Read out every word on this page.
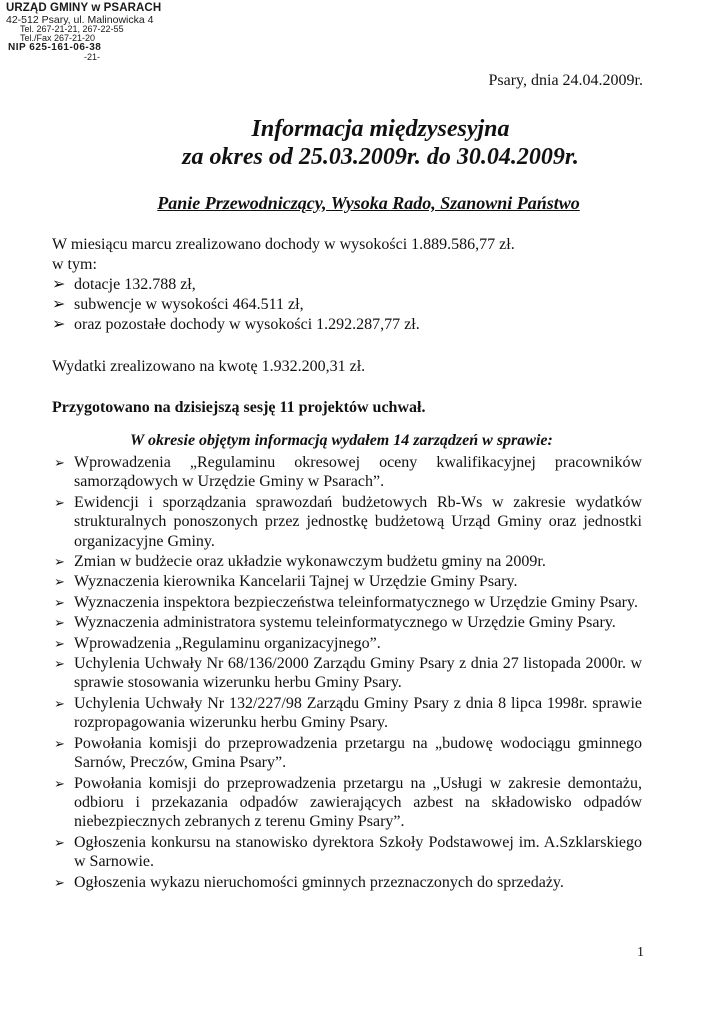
URZĄD GMINY w PSARACH
42-512 Psary, ul. Malinowicka 4
Tel. 267-21-21, 267-22-55
Tel./Fax 267-21-20
NIP 625-161-06-38
-21-
Psary, dnia 24.04.2009r.
Informacja międzysesyjna
za okres od 25.03.2009r. do 30.04.2009r.
Panie Przewodniczący, Wysoka Rado, Szanowni Państwo
W miesiącu marcu zrealizowano dochody w wysokości 1.889.586,77 zł.
w tym:
➢ dotacje 132.788 zł,
➢ subwencje w wysokości 464.511 zł,
➢ oraz pozostałe dochody w wysokości 1.292.287,77 zł.
Wydatki zrealizowano na kwotę 1.932.200,31 zł.
Przygotowano na dzisiejszą sesję 11 projektów uchwał.
W okresie objętym informacją wydałem 14 zarządzeń w sprawie:
➢ Wprowadzenia „Regulaminu okresowej oceny kwalifikacyjnej pracowników samorządowych w Urzędzie Gminy w Psarach”.
➢ Ewidencji i sporządzania sprawozdań budżetowych Rb-Ws w zakresie wydatków strukturalnych ponoszonych przez jednostkę budżetową Urząd Gminy oraz jednostki organizacyjne Gminy.
➢ Zmian w budżecie oraz układzie wykonawczym budżetu gminy na 2009r.
➢ Wyznaczenia kierownika Kancelarii Tajnej w Urzędzie Gminy Psary.
➢ Wyznaczenia inspektora bezpieczeństwa teleinformatycznego w Urzędzie Gminy Psary.
➢ Wyznaczenia administratora systemu teleinformatycznego w Urzędzie Gminy Psary.
➢ Wprowadzenia „Regulaminu organizacyjnego”.
➢ Uchylenia Uchwały Nr 68/136/2000 Zarządu Gminy Psary z dnia 27 listopada 2000r. w sprawie stosowania wizerunku herbu Gminy Psary.
➢ Uchylenia Uchwały Nr 132/227/98 Zarządu Gminy Psary z dnia 8 lipca 1998r. sprawie rozpropagowania wizerunku herbu Gminy Psary.
➢ Powołania komisji do przeprowadzenia przetargu na „budowę wodociągu gminnego Sarnów, Preczów, Gmina Psary”.
➢ Powołania komisji do przeprowadzenia przetargu na „Usługi w zakresie demontażu, odbioru i przekazania odpadów zawierających azbest na składowisko odpadów niebezpiecznych zebranych z terenu Gminy Psary”.
➢ Ogłoszenia konkursu na stanowisko dyrektora Szkoły Podstawowej im. A.Szklarskiego w Sarnowie.
➢ Ogłoszenia wykazu nieruchomości gminnych przeznaczonych do sprzedaży.
1
